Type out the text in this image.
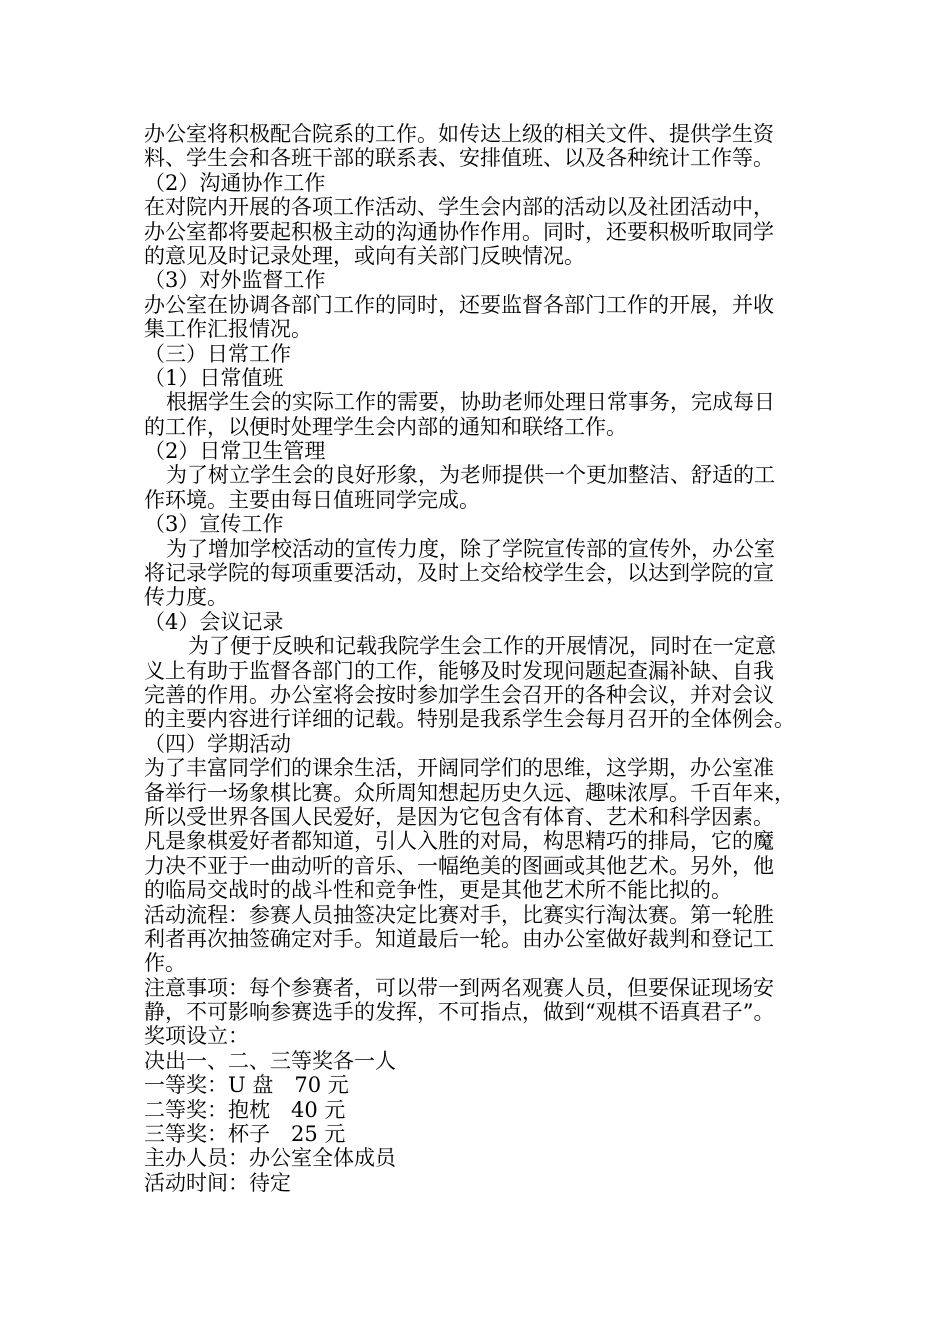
办公室将积极配合院系的工作。如传达上级的相关文件、提供学生资
料、学生会和各班干部的联系表、安排值班、以及各种统计工作等。
（2）沟通协作工作
在对院内开展的各项工作活动、学生会内部的活动以及社团活动中，
办公室都将要起积极主动的沟通协作作用。同时，还要积极听取同学
的意见及时记录处理，或向有关部门反映情况。
（3）对外监督工作
办公室在协调各部门工作的同时，还要监督各部门工作的开展，并收
集工作汇报情况。
（三）日常工作
（1）日常值班
根据学生会的实际工作的需要，协助老师处理日常事务，完成每日
的工作，以便时处理学生会内部的通知和联络工作。
（2）日常卫生管理
为了树立学生会的良好形象，为老师提供一个更加整洁、舒适的工
作环境。主要由每日值班同学完成。
（3）宣传工作
为了增加学校活动的宣传力度，除了学院宣传部的宣传外，办公室
将记录学院的每项重要活动，及时上交给校学生会，以达到学院的宣
传力度。
（4）会议记录
为了便于反映和记载我院学生会工作的开展情况，同时在一定意
义上有助于监督各部门的工作，能够及时发现问题起查漏补缺、自我
完善的作用。办公室将会按时参加学生会召开的各种会议，并对会议
的主要内容进行详细的记载。特别是我系学生会每月召开的全体例会。
（四）学期活动
为了丰富同学们的课余生活，开阔同学们的思维，这学期，办公室准
备举行一场象棋比赛。众所周知想起历史久远、趣味浓厚。千百年来，
所以受世界各国人民爱好，是因为它包含有体育、艺术和科学因素。
凡是象棋爱好者都知道，引人入胜的对局，构思精巧的排局，它的魔
力决不亚于一曲动听的音乐、一幅绝美的图画或其他艺术。另外，他
的临局交战时的战斗性和竞争性，更是其他艺术所不能比拟的。
活动流程：参赛人员抽签决定比赛对手，比赛实行淘汰赛。第一轮胜
利者再次抽签确定对手。知道最后一轮。由办公室做好裁判和登记工
作。
注意事项：每个参赛者，可以带一到两名观赛人员，但要保证现场安
静，不可影响参赛选手的发挥，不可指点，做到“观棋不语真君子”。
奖项设立：
决出一、二、三等奖各一人
一等奖：U 盘　70 元
二等奖：抱枕　40 元
三等奖：杯子　25 元
主办人员：办公室全体成员
活动时间：待定
